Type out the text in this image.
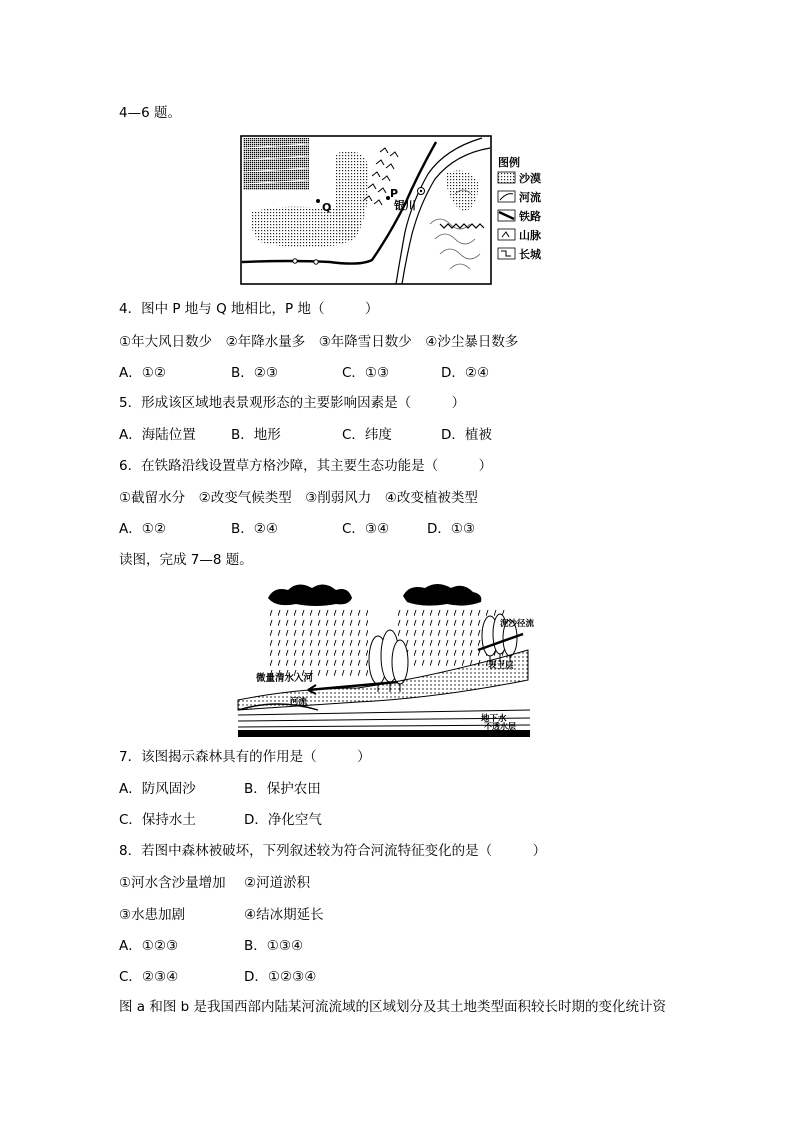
4—6 题。
Q
P
银川
图例
沙漠
河流
铁路
山脉
长城
4．图中 P 地与 Q 地相比，P 地（　　　）
①年大风日数少　②年降水量多　③年降雪日数少　④沙尘暴日数多
A．①②	B．②③	C．①③	D．②④
5．形成该区域地表景观形态的主要影响因素是（　　　）
A．海陆位置	B．地形	C．纬度	D．植被
6．在铁路沿线设置草方格沙障，其主要生态功能是（　　　）
①截留水分　②改变气候类型　③削弱风力　④改变植被类型
A．①②	B．②④	C．③④	D．①③
读图，完成 7—8 题。
微量清水入河
泥沙径流
表土层
河流
地下水
不透水层
7．该图揭示森林具有的作用是（　　　）
A．防风固沙	B．保护农田
C．保持水土	D．净化空气
8．若图中森林被破坏，下列叙述较为符合河流特征变化的是（　　　）
①河水含沙量增加 ②河道淤积
③水患加剧	④结冰期延长
A．①②③	B．①③④
C．②③④	D．①②③④
图 a 和图 b 是我国西部内陆某河流流域的区域划分及其土地类型面积较长时期的变化统计资
